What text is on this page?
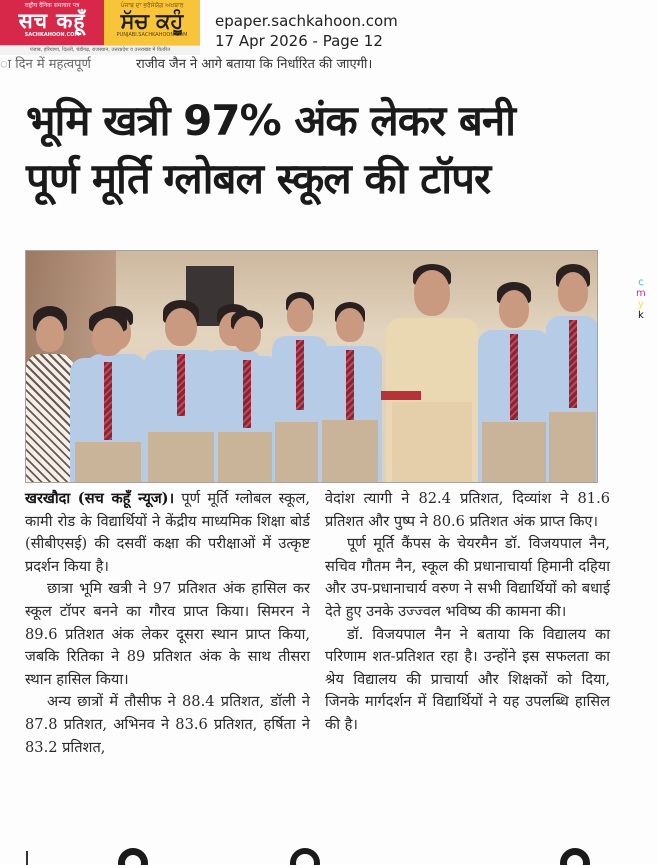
राष्ट्रीय दैनिक समाचार पत्र
सच कहूँ
SACHKAHOON.COM
ਪੰਜਾਬ ਦਾ ਭਰੋਸੇਯੋਗ ਅਖ਼ਬਾਰ
ਸੱਚ ਕਹੂੰ
PUNJABI.SACHKAHOON.COM
पंजाब, हरियाणा, दिल्ली, चंडीगढ़, राजस्थान, उत्तरप्रदेश व उत्तराखंड में वितरित
epaper.sachkahoon.com
17 Apr 2026 - Page 12
ा दिन में महत्वपूर्ण	राजीव जैन ने आगे बताया कि निर्धारित की जाएगी।
भूमि खत्री 97% अंक लेकर बनी
पूर्ण मूर्ति ग्लोबल स्कूल की टॉपर
c
m
y
k

खरखौदा (सच कहूँ न्यूज)। पूर्ण मूर्ति ग्लोबल स्कूल, कामी रोड के विद्यार्थियों ने केंद्रीय माध्यमिक शिक्षा बोर्ड (सीबीएसई) की दसवीं कक्षा की परीक्षाओं में उत्कृष्ट प्रदर्शन किया है।

छात्रा भूमि खत्री ने 97 प्रतिशत अंक हासिल कर स्कूल टॉपर बनने का गौरव प्राप्त किया। सिमरन ने 89.6 प्रतिशत अंक लेकर दूसरा स्थान प्राप्त किया, जबकि रितिका ने 89 प्रतिशत अंक के साथ तीसरा स्थान हासिल किया।

अन्य छात्रों में तौसीफ ने 88.4 प्रतिशत, डॉली ने 87.8 प्रतिशत, अभिनव ने 83.6 प्रतिशत, हर्षिता ने 83.2 प्रतिशत,

वेदांश त्यागी ने 82.4 प्रतिशत, दिव्यांश ने 81.6 प्रतिशत और पुष्प ने 80.6 प्रतिशत अंक प्राप्त किए।

पूर्ण मूर्ति कैंपस के चेयरमैन डॉ. विजयपाल नैन, सचिव गौतम नैन, स्कूल की प्रधानाचार्या हिमानी दहिया और उप-प्रधानाचार्य वरुण ने सभी विद्यार्थियों को बधाई देते हुए उनके उज्ज्वल भविष्य की कामना की।

डॉ. विजयपाल नैन ने बताया कि विद्यालय का परिणाम शत-प्रतिशत रहा है। उन्होंने इस सफलता का श्रेय विद्यालय की प्राचार्या और शिक्षकों को दिया, जिनके मार्गदर्शन में विद्यार्थियों ने यह उपलब्धि हासिल की है।
